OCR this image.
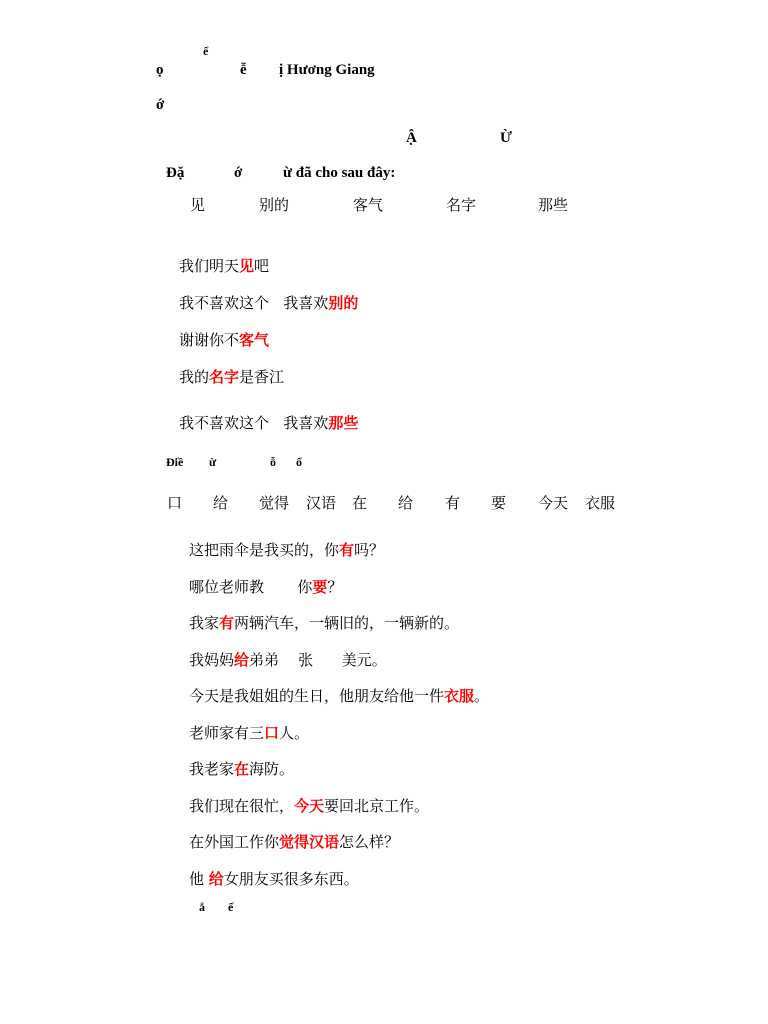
ể
ọ	ễ ị Hương Giang
ớ
Ậ	Ừ
Đặ	ớ	ừ đã cho sau đây:
见	别的	客气	名字	那些
我们明天见吧
我不喜欢这个   我喜欢别的
谢谢你不客气
我的名字是香江
我不喜欢这个   我喜欢那些
Điề ừ	ỗ ố
口 给 觉得 汉语 在 给 有 要 今天 衣服
这把雨伞是我买的，你有吗？
哪位老师教       你要？
我家有两辆汽车，一辆旧的，一辆新的。
我妈妈给弟弟    张      美元。
今天是我姐姐的生日，他朋友给他一件衣服。
老师家有三口人。
我老家在海防。
我们现在很忙，今天要回北京工作。
在外国工作你觉得汉语怎么样？
他 给女朋友买很多东西。
ắ ế
